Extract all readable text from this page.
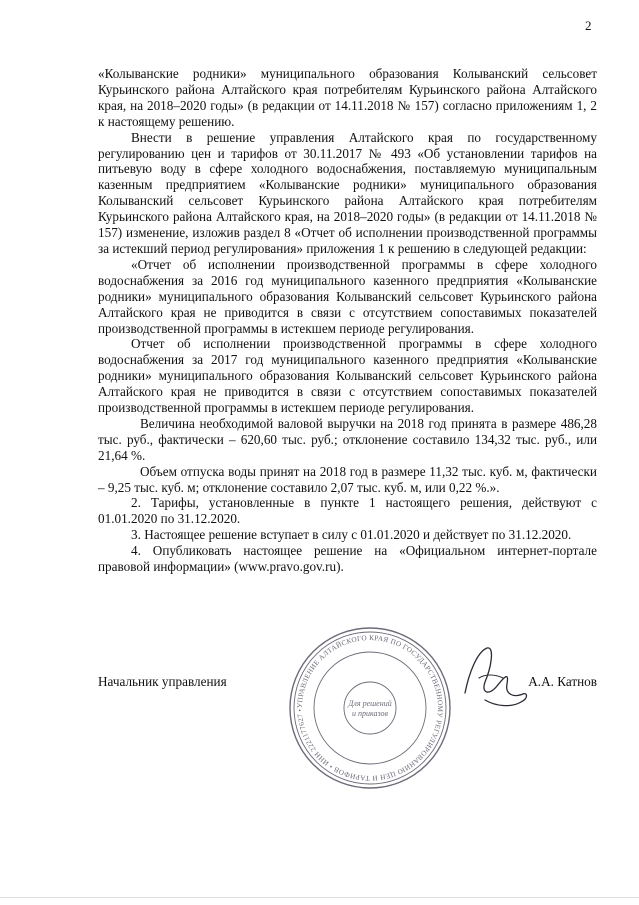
2

«Колыванские родники» муниципального образования Колыванский сельсовет Курьинского района Алтайского края потребителям Курьинского района Алтайского края, на 2018–2020 годы» (в редакции от 14.11.2018 № 157) согласно приложениям 1, 2 к настоящему решению.

Внести в решение управления Алтайского края по государственному регулированию цен и тарифов от 30.11.2017 № 493 «Об установлении тарифов на питьевую воду в сфере холодного водоснабжения, поставляемую муниципальным казенным предприятием «Колыванские родники» муниципального образования Колыванский сельсовет Курьинского района Алтайского края потребителям Курьинского района Алтайского края, на 2018–2020 годы» (в редакции от 14.11.2018 № 157) изменение, изложив раздел 8 «Отчет об исполнении производственной программы за истекший период регулирования» приложения 1 к решению в следующей редакции:

«Отчет об исполнении производственной программы в сфере холодного водоснабжения за 2016 год муниципального казенного предприятия «Колыванские родники» муниципального образования Колыванский сельсовет Курьинского района Алтайского края не приводится в связи с отсутствием сопоставимых показателей производственной программы в истекшем периоде регулирования.

Отчет об исполнении производственной программы в сфере холодного водоснабжения за 2017 год муниципального казенного предприятия «Колыванские родники» муниципального образования Колыванский сельсовет Курьинского района Алтайского края не приводится в связи с отсутствием сопоставимых показателей производственной программы в истекшем периоде регулирования.

Величина необходимой валовой выручки на 2018 год принята в размере 486,28 тыс. руб., фактически – 620,60 тыс. руб.; отклонение составило 134,32 тыс. руб., или 21,64 %.

Объем отпуска воды принят на 2018 год в размере 11,32 тыс. куб. м, фактически – 9,25 тыс. куб. м; отклонение составило 2,07 тыс. куб. м, или 0,22 %.».

2. Тарифы, установленные в пункте 1 настоящего решения, действуют с 01.01.2020 по 31.12.2020.

3. Настоящее решение вступает в силу с 01.01.2020 и действует по 31.12.2020.

4. Опубликовать настоящее решение на «Официальном интернет-портале правовой информации» (www.pravo.gov.ru).

УПРАВЛЕНИЕ АЛТАЙСКОГО КРАЯ ПО ГОСУДАРСТВЕННОМУ РЕГУЛИРОВАНИЮ ЦЕН И ТАРИФОВ • ИНН 2221177627 •
Для решений
и приказов
Начальник управления	А.А. Катнов
